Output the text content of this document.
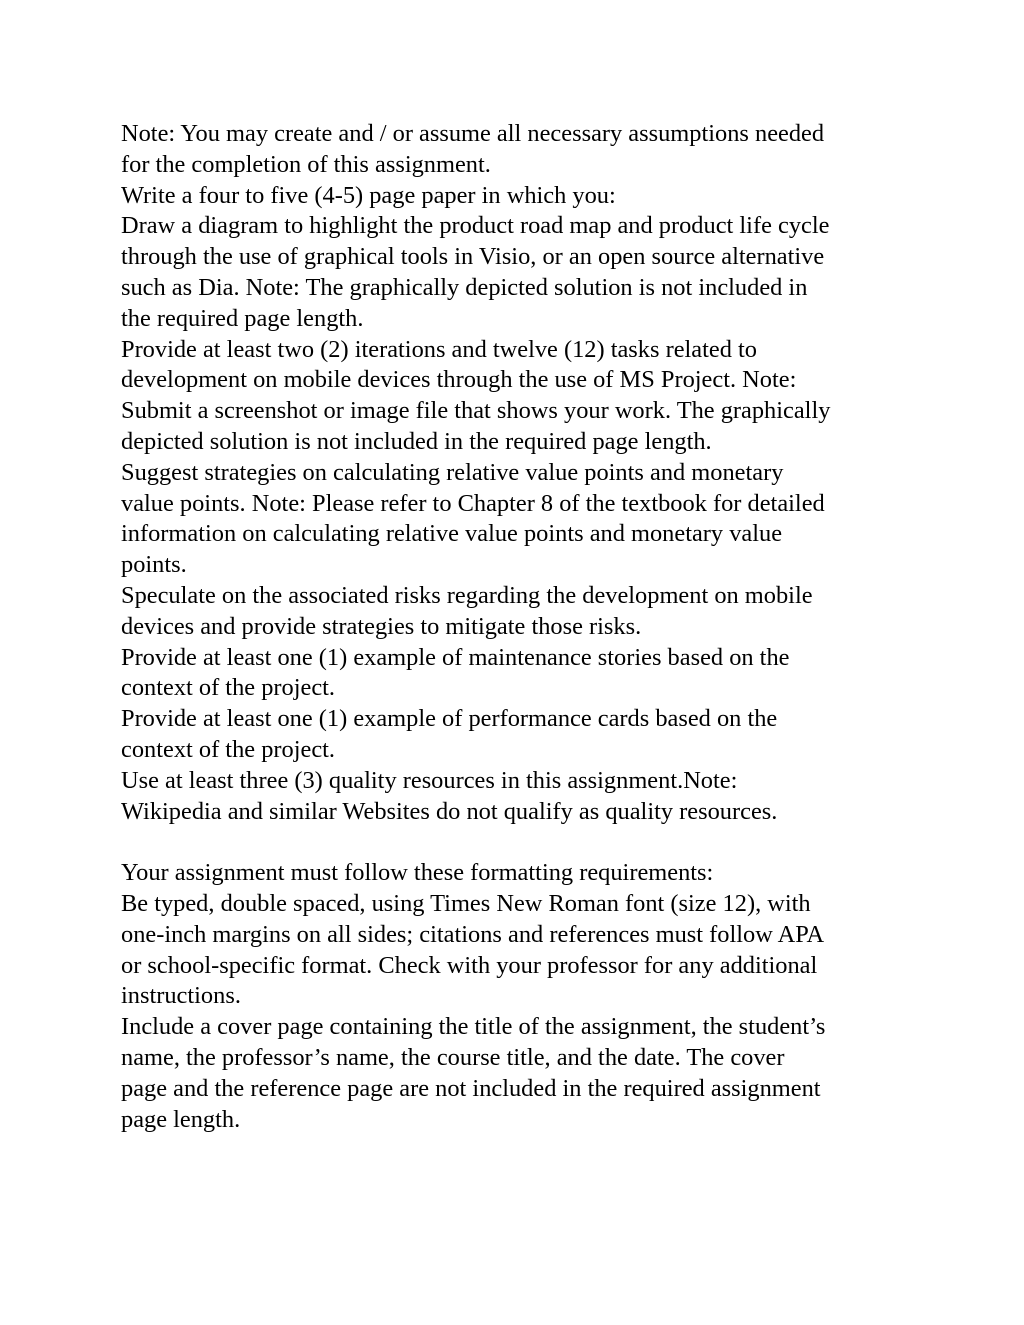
Note: You may create and / or assume all necessary assumptions needed
for the completion of this assignment.
Write a four to five (4-5) page paper in which you:
Draw a diagram to highlight the product road map and product life cycle
through the use of graphical tools in Visio, or an open source alternative
such as Dia. Note: The graphically depicted solution is not included in
the required page length.
Provide at least two (2) iterations and twelve (12) tasks related to
development on mobile devices through the use of MS Project. Note:
Submit a screenshot or image file that shows your work. The graphically
depicted solution is not included in the required page length.
Suggest strategies on calculating relative value points and monetary
value points. Note: Please refer to Chapter 8 of the textbook for detailed
information on calculating relative value points and monetary value
points.
Speculate on the associated risks regarding the development on mobile
devices and provide strategies to mitigate those risks.
Provide at least one (1) example of maintenance stories based on the
context of the project.
Provide at least one (1) example of performance cards based on the
context of the project.
Use at least three (3) quality resources in this assignment.Note:
Wikipedia and similar Websites do not qualify as quality resources.
Your assignment must follow these formatting requirements:
Be typed, double spaced, using Times New Roman font (size 12), with
one-inch margins on all sides; citations and references must follow APA
or school-specific format. Check with your professor for any additional
instructions.
Include a cover page containing the title of the assignment, the student’s
name, the professor’s name, the course title, and the date. The cover
page and the reference page are not included in the required assignment
page length.
